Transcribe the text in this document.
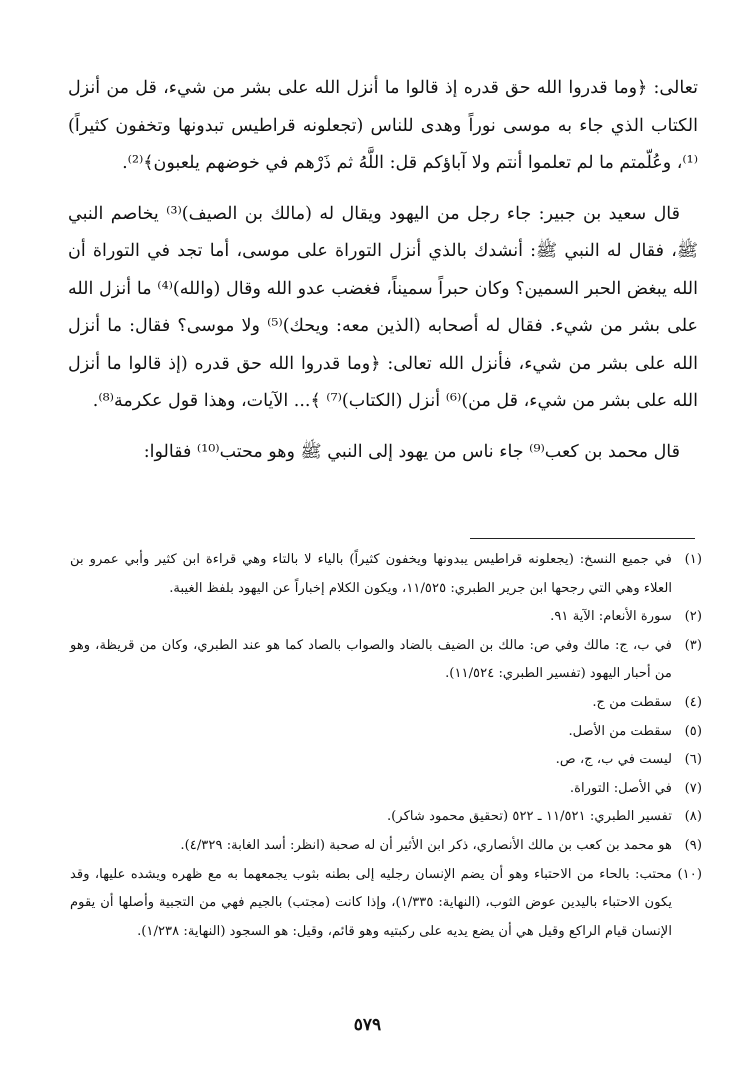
تعالى: ﴿وما قدروا الله حق قدره إذ قالوا ما أنزل الله على بشر من شيء، قل من أنزل الكتاب الذي جاء به موسى نوراً وهدى للناس (تجعلونه قراطيس تبدونها وتخفون كثيراً)⁽¹⁾، وعُلّمتم ما لم تعلموا أنتم ولا آباؤكم قل: اللَّهُ ثم ذَرْهم في خوضهم يلعبون﴾⁽²⁾.

قال سعيد بن جبير: جاء رجل من اليهود ويقال له (مالك بن الصيف)⁽³⁾ يخاصم النبي ﷺ، فقال له النبي ﷺ: أنشدك بالذي أنزل التوراة على موسى، أما تجد في التوراة أن الله يبغض الحبر السمين؟ وكان حبراً سميناً، فغضب عدو الله وقال (والله)⁽⁴⁾ ما أنزل الله على بشر من شيء. فقال له أصحابه (الذين معه: ويحك)⁽⁵⁾ ولا موسى؟ فقال: ما أنزل الله على بشر من شيء، فأنزل الله تعالى: ﴿وما قدروا الله حق قدره (إذ قالوا ما أنزل الله على بشر من شيء، قل من)⁽⁶⁾ أنزل (الكتاب)⁽⁷⁾ ﴾... الآيات، وهذا قول عكرمة⁽⁸⁾.

قال محمد بن كعب⁽⁹⁾ جاء ناس من يهود إلى النبي ﷺ وهو محتب⁽¹⁰⁾ فقالوا:

(١)
في جميع النسخ: (يجعلونه قراطيس يبدونها ويخفون كثيراً) بالياء لا بالتاء وهي قراءة ابن كثير وأبي عمرو بن العلاء وهي التي رجحها ابن جرير الطبري: ١١/٥٢٥، ويكون الكلام إخباراً عن اليهود بلفظ الغيبة.
(٢)
سورة الأنعام: الآية ٩١.
(٣)
في ب، ج: مالك وفي ص: مالك بن الضيف بالضاد والصواب بالصاد كما هو عند الطبري، وكان من قريظة، وهو من أحبار اليهود (تفسير الطبري: ١١/٥٢٤).
(٤)
سقطت من ج.
(٥)
سقطت من الأصل.
(٦)
ليست في ب، ج، ص.
(٧)
في الأصل: التوراة.
(٨)
تفسير الطبري: ١١/٥٢١ ـ ٥٢٢ (تحقيق محمود شاكر).
(٩)
هو محمد بن كعب بن مالك الأنصاري، ذكر ابن الأثير أن له صحبة (انظر: أسد الغابة: ٤/٣٢٩).
(١٠)
محتب: بالحاء من الاحتباء وهو أن يضم الإنسان رجليه إلى بطنه بثوب يجمعهما به مع ظهره ويشده عليها، وقد يكون الاحتباء باليدين عوض الثوب، (النهاية: ١/٣٣٥)، وإذا كانت (مجتب) بالجيم فهي من التجبية وأصلها أن يقوم الإنسان قيام الراكع وقيل هي أن يضع يديه على ركبتيه وهو قائم، وقيل: هو السجود (النهاية: ١/٢٣٨).
٥٧٩
